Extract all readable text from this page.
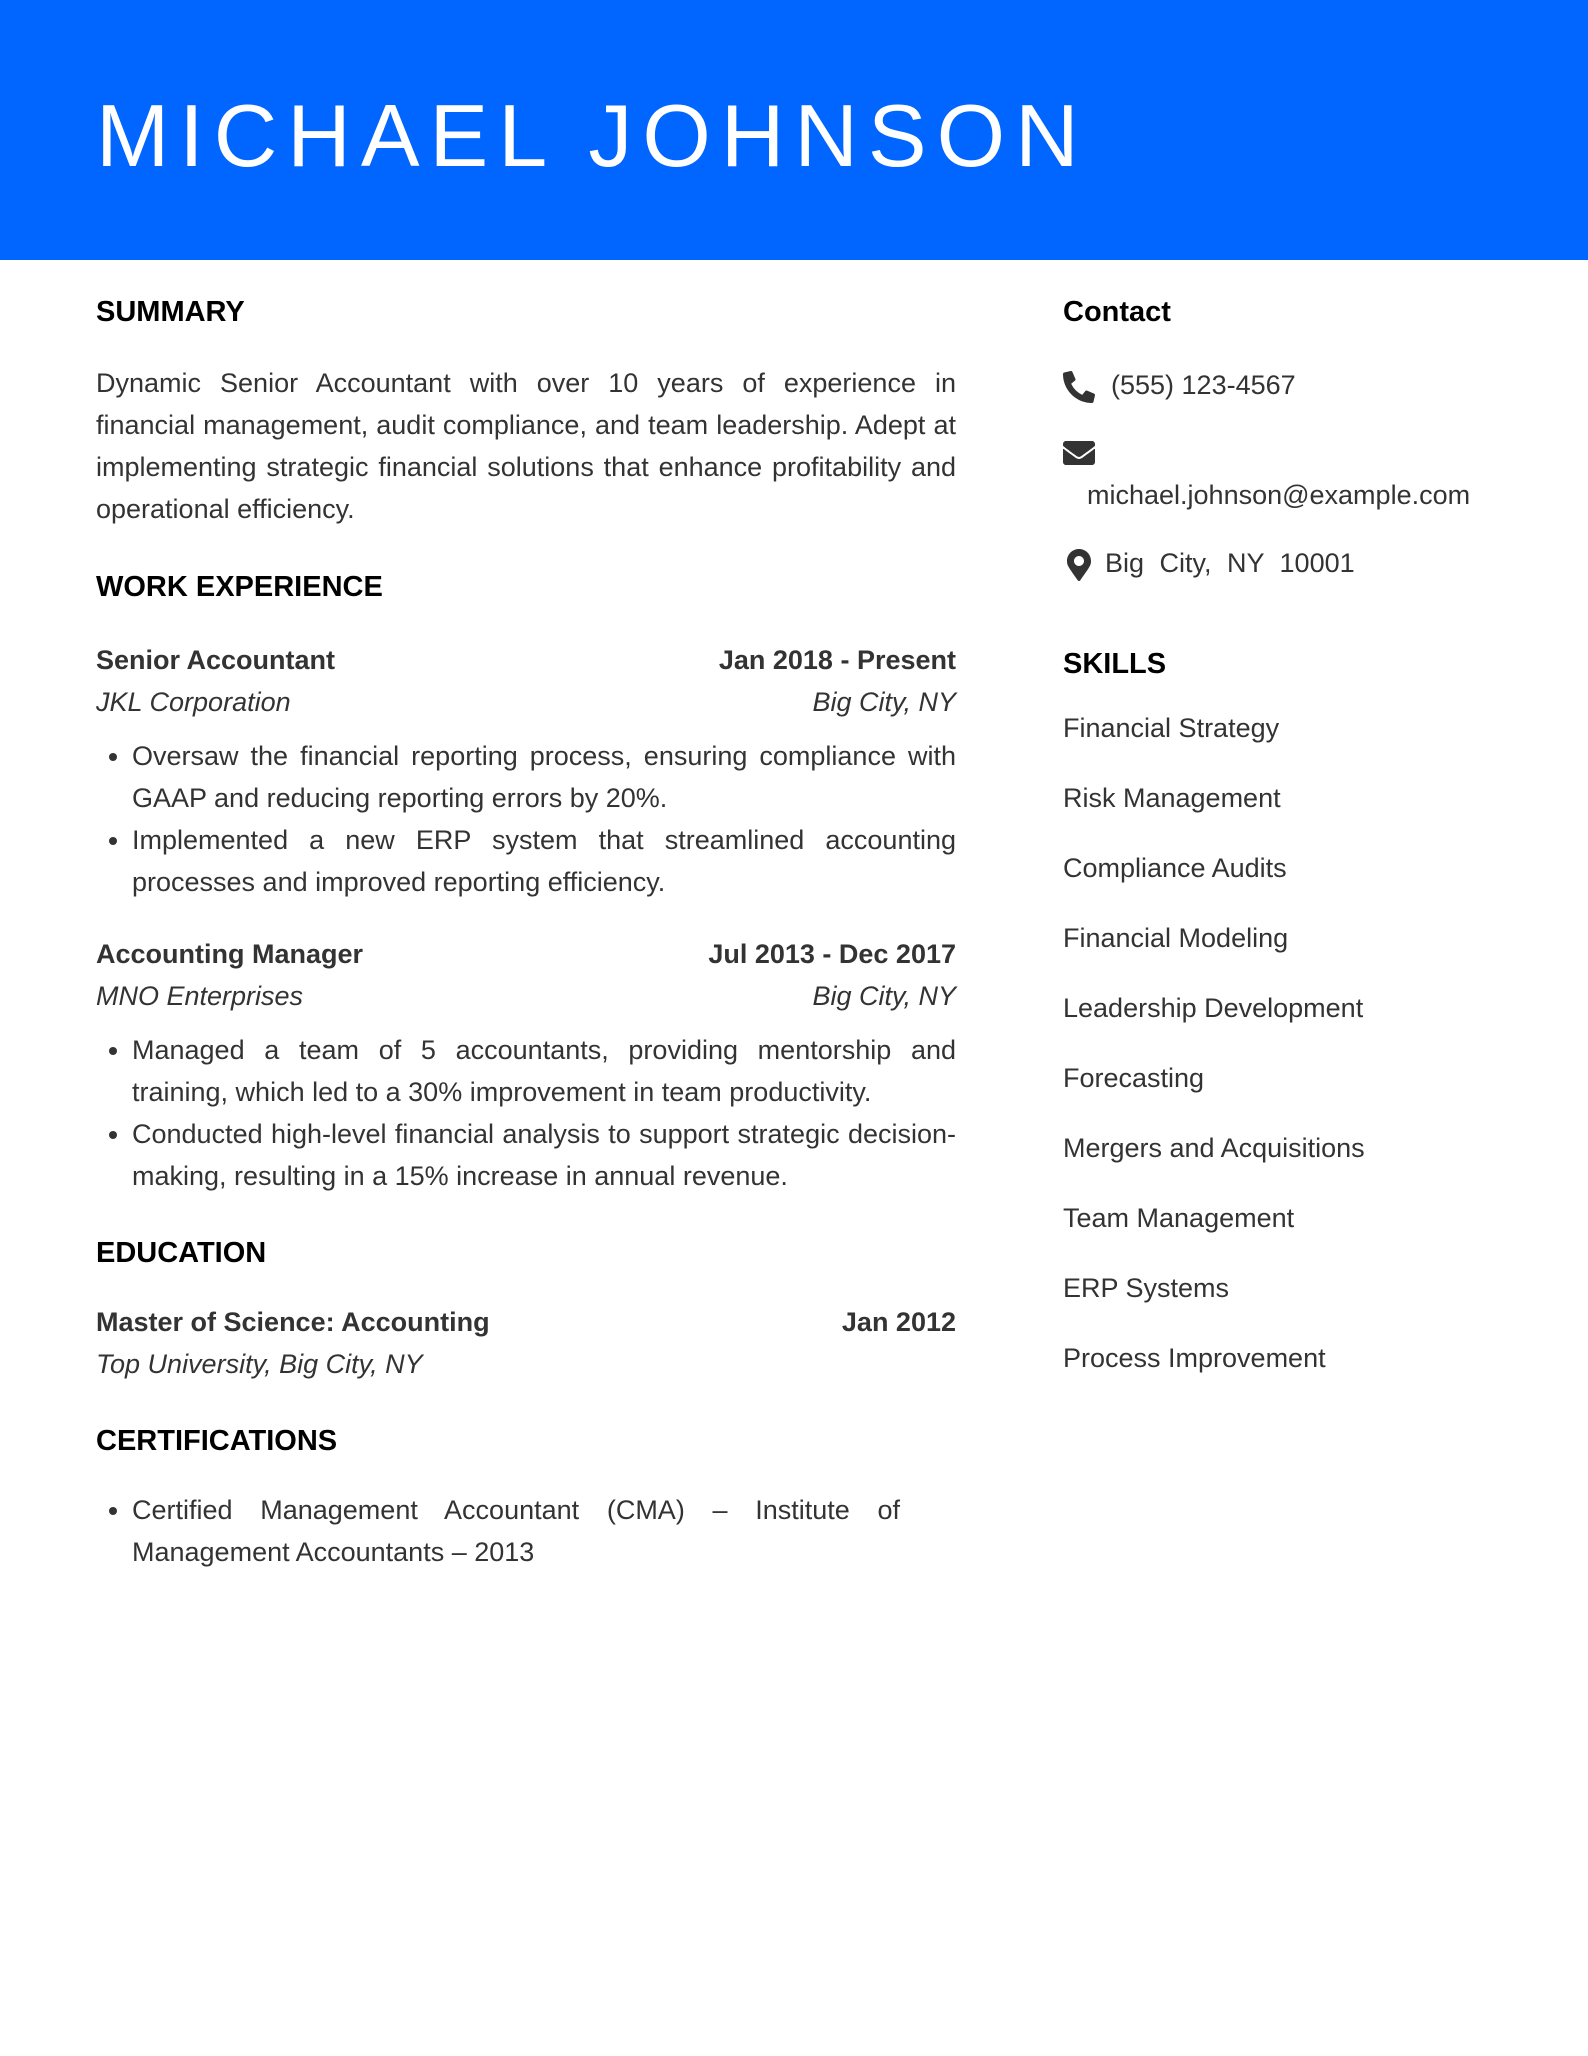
MICHAEL JOHNSON
SUMMARY

Dynamic Senior Accountant with over 10 years of experience in financial management, audit compliance, and team leadership. Adept at implementing strategic financial solutions that enhance profitability and operational efficiency.

WORK EXPERIENCE
Senior Accountant	Jan 2018 - Present
JKL Corporation	Big City, NY
• Oversaw the financial reporting process, ensuring compliance with GAAP and reducing reporting errors by 20%.
• Implemented a new ERP system that streamlined accounting processes and improved reporting efficiency.
Accounting Manager	Jul 2013 - Dec 2017
MNO Enterprises	Big City, NY
• Managed a team of 5 accountants, providing mentorship and training, which led to a 30% improvement in team productivity.
• Conducted high-level financial analysis to support strategic decision-making, resulting in a 15% increase in annual revenue.
EDUCATION
Master of Science: Accounting	Jan 2012
Top University, Big City, NY
CERTIFICATIONS
• Certified Management Accountant (CMA) – Institute of Management Accountants – 2013
Contact
(555) 123-4567
michael.johnson@example.com
Big City, NY 10001
SKILLS
Financial Strategy
Risk Management
Compliance Audits
Financial Modeling
Leadership Development
Forecasting
Mergers and Acquisitions
Team Management
ERP Systems
Process Improvement
